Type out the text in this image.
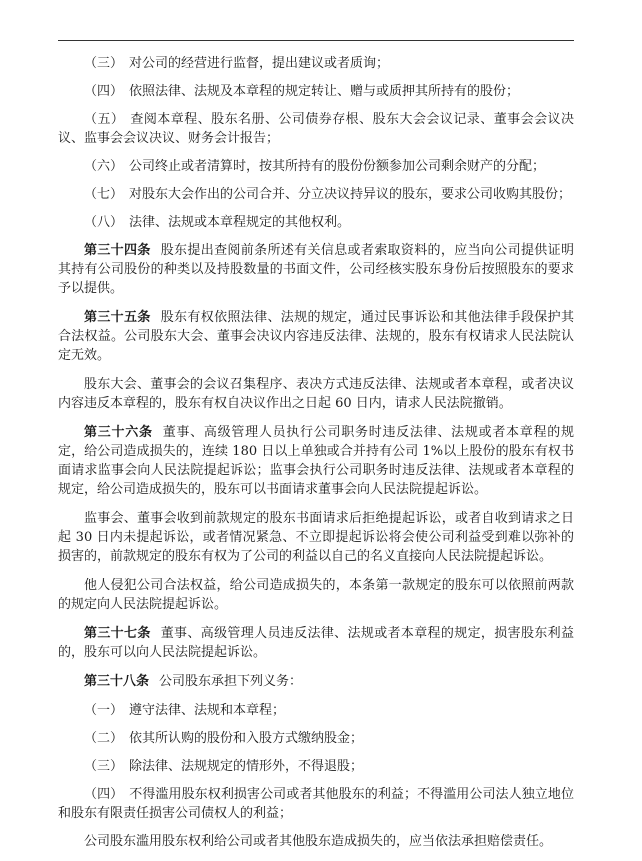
（三） 对公司的经营进行监督，提出建议或者质询；

（四） 依照法律、法规及本章程的规定转让、赠与或质押其所持有的股份；

（五） 查阅本章程、股东名册、公司债券存根、股东大会会议记录、董事会会议决议、监事会会议决议、财务会计报告；

（六） 公司终止或者清算时，按其所持有的股份份额参加公司剩余财产的分配；

（七） 对股东大会作出的公司合并、分立决议持异议的股东，要求公司收购其股份；

（八） 法律、法规或本章程规定的其他权利。

第三十四条 股东提出查阅前条所述有关信息或者索取资料的，应当向公司提供证明其持有公司股份的种类以及持股数量的书面文件，公司经核实股东身份后按照股东的要求予以提供。

第三十五条 股东有权依照法律、法规的规定，通过民事诉讼和其他法律手段保护其合法权益。公司股东大会、董事会决议内容违反法律、法规的，股东有权请求人民法院认定无效。

股东大会、董事会的会议召集程序、表决方式违反法律、法规或者本章程，或者决议内容违反本章程的，股东有权自决议作出之日起 60 日内，请求人民法院撤销。

第三十六条 董事、高级管理人员执行公司职务时违反法律、法规或者本章程的规定，给公司造成损失的，连续 180 日以上单独或合并持有公司 1%以上股份的股东有权书面请求监事会向人民法院提起诉讼；监事会执行公司职务时违反法律、法规或者本章程的规定，给公司造成损失的，股东可以书面请求董事会向人民法院提起诉讼。

监事会、董事会收到前款规定的股东书面请求后拒绝提起诉讼，或者自收到请求之日起 30 日内未提起诉讼，或者情况紧急、不立即提起诉讼将会使公司利益受到难以弥补的损害的，前款规定的股东有权为了公司的利益以自己的名义直接向人民法院提起诉讼。

他人侵犯公司合法权益，给公司造成损失的，本条第一款规定的股东可以依照前两款的规定向人民法院提起诉讼。

第三十七条 董事、高级管理人员违反法律、法规或者本章程的规定，损害股东利益的，股东可以向人民法院提起诉讼。

第三十八条 公司股东承担下列义务：

（一） 遵守法律、法规和本章程；

（二） 依其所认购的股份和入股方式缴纳股金；

（三） 除法律、法规规定的情形外，不得退股；

（四） 不得滥用股东权利损害公司或者其他股东的利益；不得滥用公司法人独立地位和股东有限责任损害公司债权人的利益；

公司股东滥用股东权利给公司或者其他股东造成损失的，应当依法承担赔偿责任。
